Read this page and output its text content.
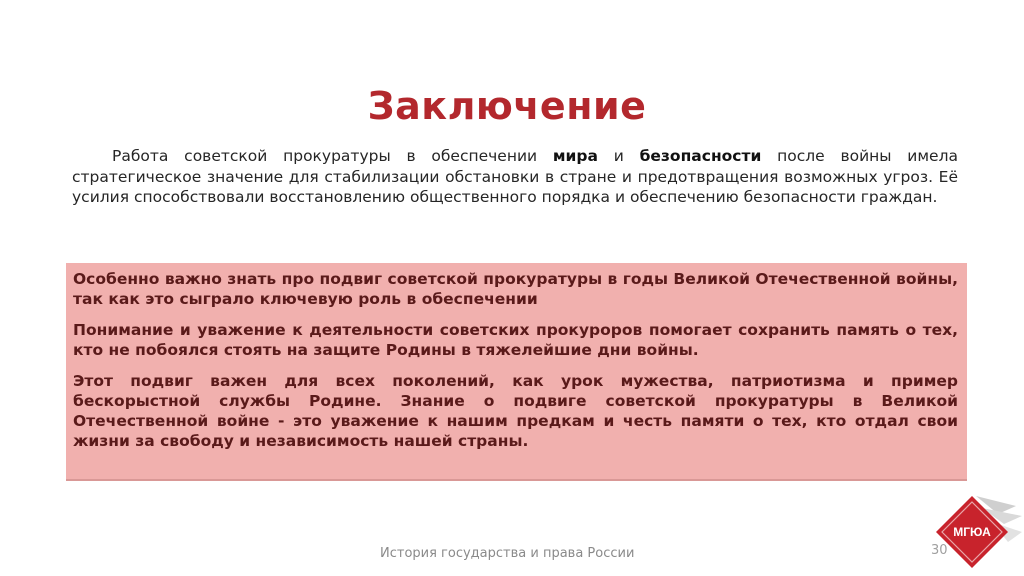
Заключение
Работа советской прокуратуры в обеспечении мира и безопасности после войны имела стратегическое значение для стабилизации обстановки в стране и предотвращения возможных угроз. Её усилия способствовали восстановлению общественного порядка и обеспечению безопасности граждан.

Особенно важно знать про подвиг советской прокуратуры в годы Великой Отечественной войны, так как это сыграло ключевую роль в обеспечении

Понимание и уважение к деятельности советских прокуроров помогает сохранить память о тех, кто не побоялся стоять на защите Родины в тяжелейшие дни войны.

Этот подвиг важен для всех поколений, как урок мужества, патриотизма и пример бескорыстной службы Родине. Знание о подвиге советской прокуратуры в Великой Отечественной войне - это уважение к нашим предкам и честь памяти о тех, кто отдал свои жизни за свободу и независимость нашей страны.

История государства и права России	30
МГЮА
